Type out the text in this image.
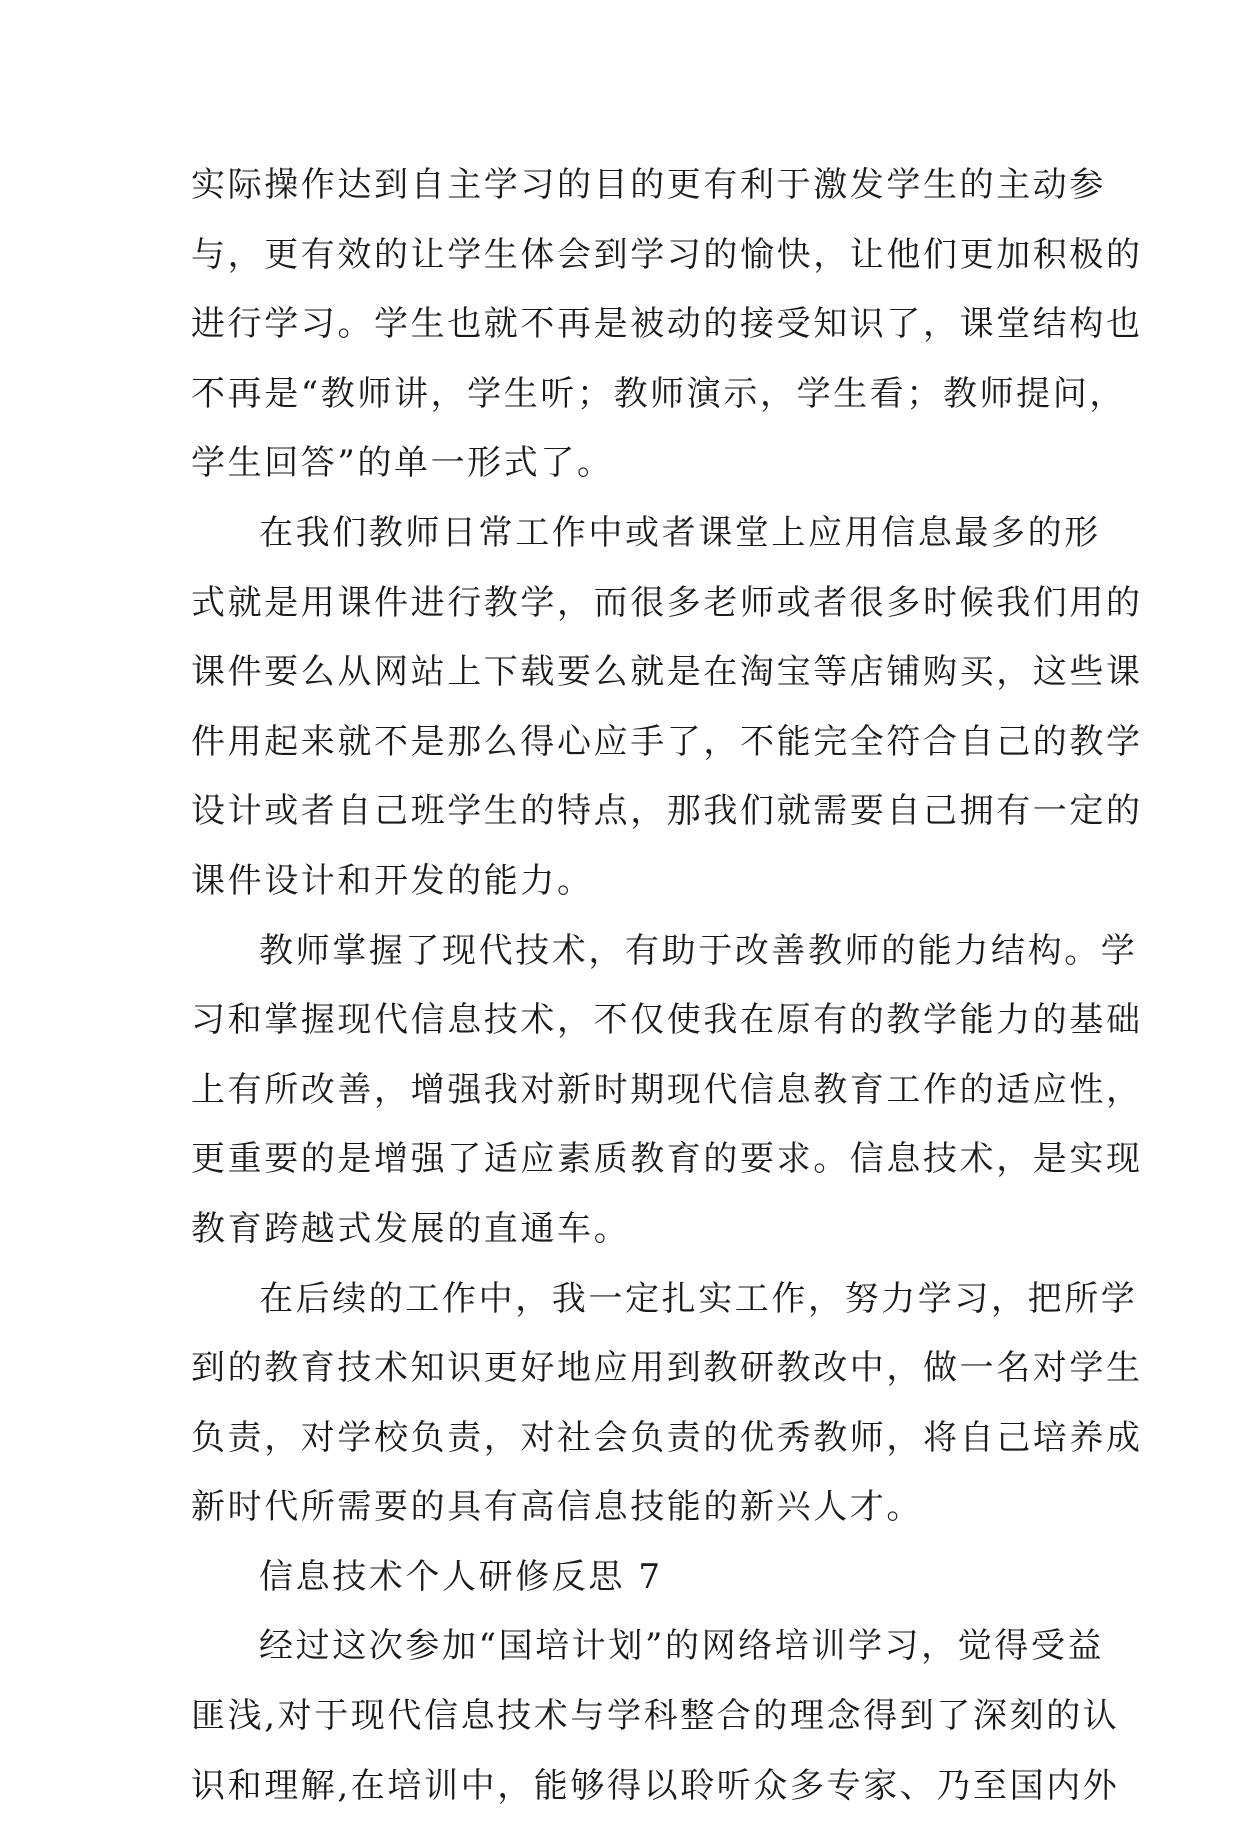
实际操作达到自主学习的目的更有利于激发学生的主动参
与，更有效的让学生体会到学习的愉快，让他们更加积极的
进行学习。学生也就不再是被动的接受知识了，课堂结构也
不再是“教师讲，学生听；教师演示，学生看；教师提问，
学生回答”的单一形式了。
在我们教师日常工作中或者课堂上应用信息最多的形
式就是用课件进行教学，而很多老师或者很多时候我们用的
课件要么从网站上下载要么就是在淘宝等店铺购买，这些课
件用起来就不是那么得心应手了，不能完全符合自己的教学
设计或者自己班学生的特点，那我们就需要自己拥有一定的
课件设计和开发的能力。
教师掌握了现代技术，有助于改善教师的能力结构。学
习和掌握现代信息技术，不仅使我在原有的教学能力的基础
上有所改善，增强我对新时期现代信息教育工作的适应性，
更重要的是增强了适应素质教育的要求。信息技术，是实现
教育跨越式发展的直通车。
在后续的工作中，我一定扎实工作，努力学习，把所学
到的教育技术知识更好地应用到教研教改中，做一名对学生
负责，对学校负责，对社会负责的优秀教师，将自己培养成
新时代所需要的具有高信息技能的新兴人才。
信息技术个人研修反思 7
经过这次参加“国培计划”的网络培训学习，觉得受益
匪浅,对于现代信息技术与学科整合的理念得到了深刻的认
识和理解,在培训中，能够得以聆听众多专家、乃至国内外
